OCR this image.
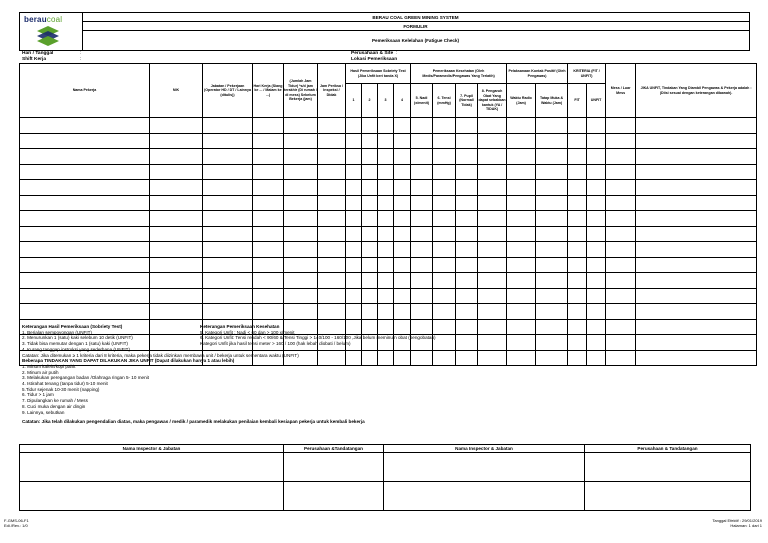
beraucoal	BERAU COAL GREEN MINING SYSTEM
FORMULIR
Pemeriksaan Kelelahan (Fatigue Check)
Hari / Tanggal	:
Shift Kerja	:
Perusahaan & Site :
Lokasi Pemeriksaan
Nama Pekerja	NIK	Jabatan / Pekerjaan (Operator HD / DT / Lainnya (ditulis))	Hari Kerja (Siang ke ... / Malam ke ...)	(Jumlah Jam Tidur) *s/d jam terakhir (Di rumah / di mess) Sebelum Bekerja (jam)	Jam Periksa / Inspeksi / Didak	Hasil Pemeriksaan Sobriety Test (Jika Unfit beri tanda X)				Pemeriksaan Kesehatan (Oleh Medis/Paramedis/Pengawas Yang Terlatih)				Pelaksanaan Kontak Positif (Oleh Pengawas)		KRITERIA (FIT / UNFIT)		Mess / Luar Mess	JIKA UNFIT, Tindakan Yang Diambil Pengawas & Pekerja adalah : (Diisi sesuai dengan keterangan dibawah).

						1	2	3	4	5. Nadi (x/menit)	6. Tensi (mmHg)	7. Pupil (Normal/ Tidak)	8. Pengaruh Obat Yang dapat sebabkan kantuk (YA / TIDAK)	Waktu Radio (Jam)	Tatap Muka & Waktu (Jam)	FIT	UNFIT		

Keterangan Hasil Pemeriksaan (Sobriety Test)
1. Berjalan sempoyongan (UNFIT)
2. Menurunkan 1 (satu) kaki selebum 10 detik (UNFIT)
3. Tidak bisa memutar dengan 1 (satu) kaki (UNFIT)
4. Kurang tanggap instruksi yang sederhana (UNFIT)
Catatan: Jika ditemukan ≥ 1 kriteria dari 8 kriteria, maka pekerja tidak diizinkan membawa unit / bekerja untuk sementara waktu (UNFIT)
Beberapa TINDAKAN YANG DAPAT DILAKUKAN JIKA UNFIT (Dapat dilakukan hanya 1 atau lebih)
1. Minum kafein/kopi pahit
2. Minum air putih
3. Melakukan peregangan badan /Olahraga ringan 5- 10 menit
4. Istirahat tenang (tanpa tidur) 5-10 menit
5.Tidur sejenak 10-30 menit (napping)
6. Tidur > 1 jam
7. Dipulangkan ke rumah / Mess
8. Cuci muka dengan air dingin
9. Lainnya, sebutkan
Catatan: Jika telah dilakukan pengendalian diatas, maka pengawas / medik / paramedik melakukan penilaian kembali kesiapan pekerja untuk kembali bekerja
Keterangan Pemeriksaan Kesehatan
5. Kategori Unfit : Nadi < 60 dan > 100 x/menit
6. Kategori Unfit: Tensi rendah < 90/60 & Tensi Tinggi > 140/100 - 160/100 ,Jika belum meminum obat (pengobatan)
Kategori Unfit jika hasil tensi meter > 160 / 100 (hak lebah diobati / belum)
Nama Inspector & Jabatan	Perusahaan &Tandatangan	Nama Inspector & Jabatan	Perusahaan & Tandatangan

F-GMS-06-F1
Edi./Rev.: 1/0
Tanggal Efektif : 29/01/2019
Halaman: 1 dari 1
